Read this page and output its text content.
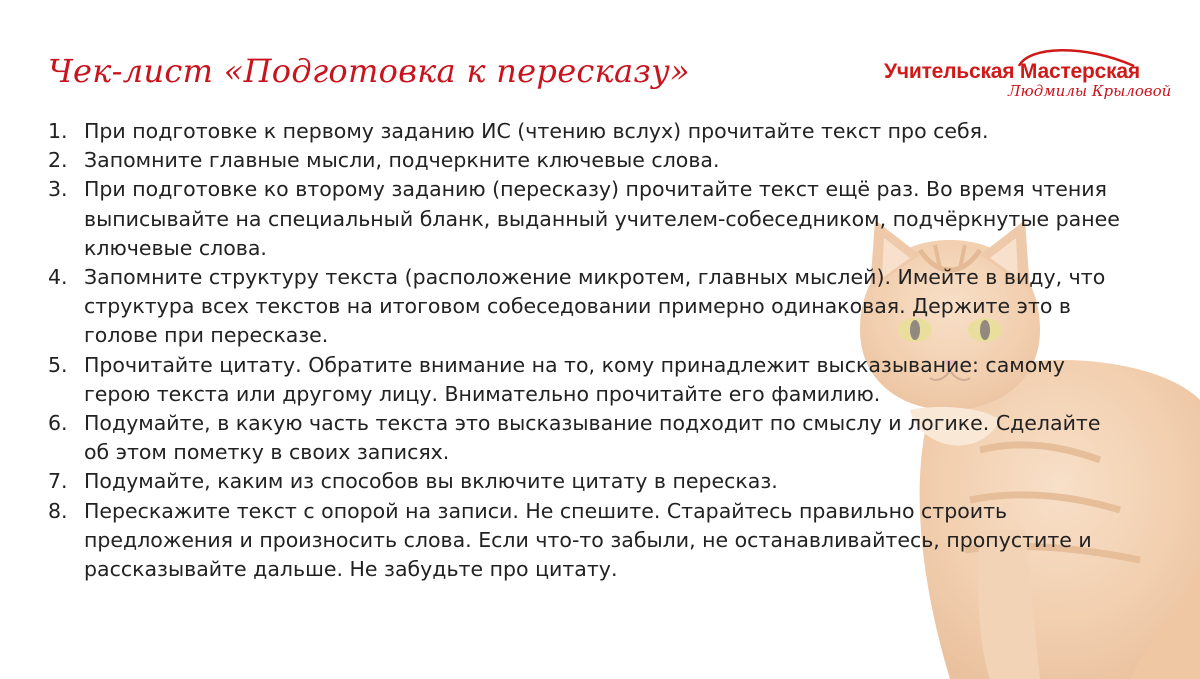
Чек-лист «Подготовка к пересказу»	Учительская Мастерская
Людмилы Крыловой
1. При подготовке к первому заданию ИС (чтению вслух) прочитайте текст про себя.
2. Запомните главные мысли, подчеркните ключевые слова.
3. При подготовке ко второму заданию (пересказу) прочитайте текст ещё раз. Во время чтения выписывайте на специальный бланк, выданный учителем-собеседником, подчёркнутые ранее ключевые слова.
4. Запомните структуру текста (расположение микротем, главных мыслей). Имейте в виду, что структура всех текстов на итоговом собеседовании примерно одинаковая. Держите это в голове при пересказе.
5. Прочитайте цитату. Обратите внимание на то, кому принадлежит высказывание: самому герою текста или другому лицу. Внимательно прочитайте его фамилию.
6. Подумайте, в какую часть текста это высказывание подходит по смыслу и логике. Сделайте об этом пометку в своих записях.
7. Подумайте, каким из способов вы включите цитату в пересказ.
8. Перескажите текст с опорой на записи. Не спешите. Старайтесь правильно строить предложения и произносить слова. Если что-то забыли, не останавливайтесь, пропустите и рассказывайте дальше. Не забудьте про цитату.
